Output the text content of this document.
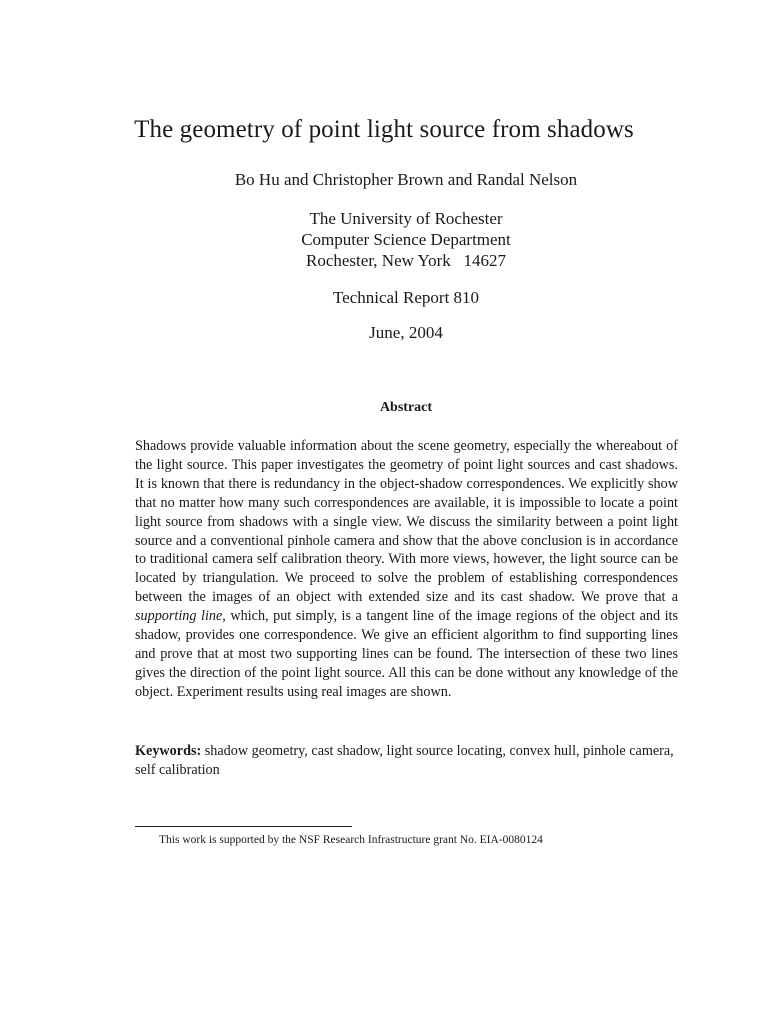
The geometry of point light source from shadows
Bo Hu and Christopher Brown and Randal Nelson
The University of Rochester
Computer Science Department
Rochester, New York   14627
Technical Report 810
June, 2004
Abstract

Shadows provide valuable information about the scene geometry, especially the whereabout of the light source. This paper investigates the geometry of point light sources and cast shadows. It is known that there is redundancy in the object-shadow correspondences. We explicitly show that no matter how many such correspondences are available, it is impossible to locate a point light source from shadows with a single view. We discuss the similarity between a point light source and a conventional pinhole camera and show that the above conclusion is in accordance to traditional camera self calibration theory. With more views, however, the light source can be located by triangulation. We proceed to solve the problem of establishing correspondences between the images of an object with extended size and its cast shadow. We prove that a supporting line, which, put simply, is a tangent line of the image regions of the object and its shadow, provides one correspondence. We give an efficient algorithm to find supporting lines and prove that at most two supporting lines can be found. The intersection of these two lines gives the direction of the point light source. All this can be done without any knowledge of the object. Experiment results using real images are shown.

Keywords: shadow geometry, cast shadow, light source locating, convex hull, pinhole camera, self calibration

This work is supported by the NSF Research Infrastructure grant No. EIA-0080124
